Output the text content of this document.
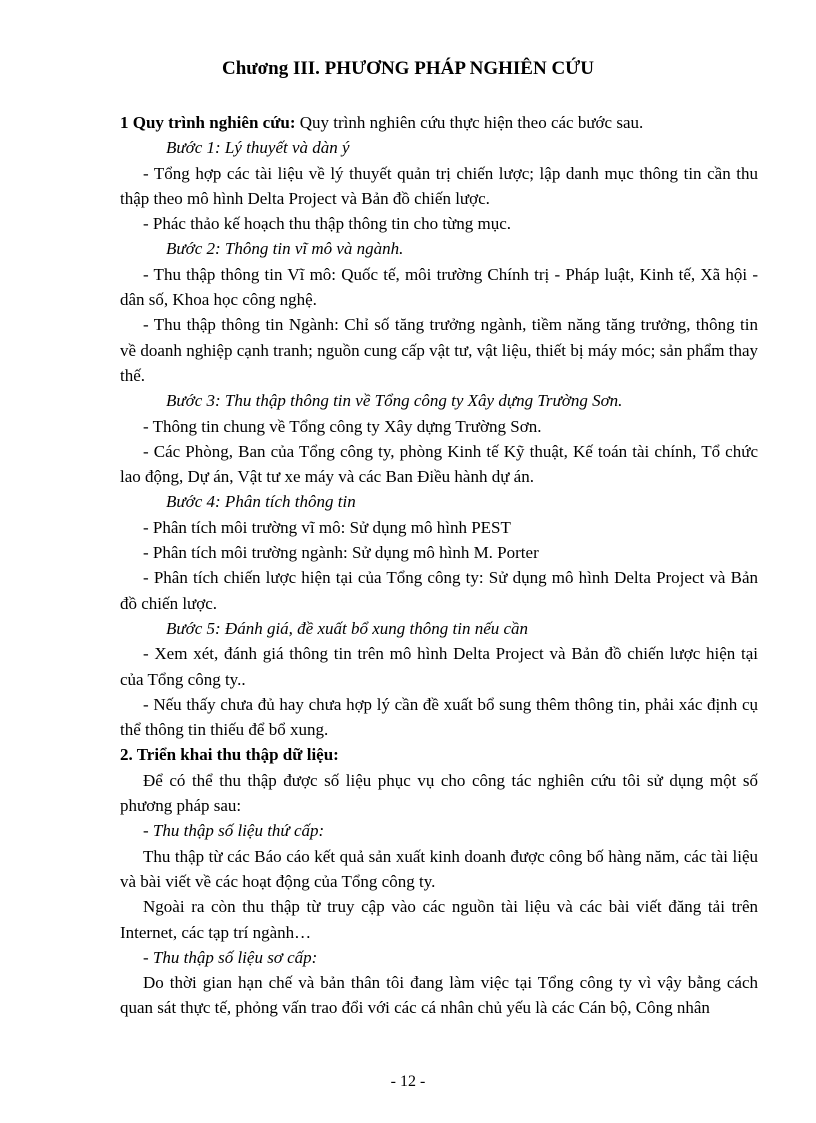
Chương III. PHƯƠNG PHÁP NGHIÊN CỨU

1 Quy trình nghiên cứu: Quy trình nghiên cứu thực hiện theo các bước sau.

Bước 1: Lý thuyết và dàn ý

- Tổng hợp các tài liệu về lý thuyết quản trị chiến lược; lập danh mục thông tin cần thu thập theo mô hình Delta Project và Bản đồ chiến lược.

- Phác thảo kế hoạch thu thập thông tin cho từng mục.

Bước 2: Thông tin vĩ mô và ngành.

- Thu thập thông tin Vĩ mô: Quốc tế, môi trường Chính trị - Pháp luật, Kinh tế, Xã hội - dân số, Khoa học công nghệ.

- Thu thập thông tin Ngành: Chỉ số tăng trưởng ngành, tiềm năng tăng trưởng, thông tin về doanh nghiệp cạnh tranh; nguồn cung cấp vật tư, vật liệu, thiết bị máy móc; sản phẩm thay thế.

Bước 3: Thu thập thông tin về Tổng công ty Xây dựng Trường Sơn.

- Thông tin chung về Tổng công ty Xây dựng Trường Sơn.

- Các Phòng, Ban của Tổng công ty, phòng Kinh tế Kỹ thuật, Kế toán tài chính, Tổ chức lao động, Dự án, Vật tư xe máy và các Ban Điều hành dự án.

Bước 4: Phân tích thông tin

- Phân tích môi trường vĩ mô: Sử dụng mô hình PEST

- Phân tích môi trường ngành: Sử dụng mô hình M. Porter

- Phân tích chiến lược hiện tại của Tổng công ty: Sử dụng mô hình Delta Project và Bản đồ chiến lược.

Bước 5: Đánh giá, đề xuất bổ xung thông tin nếu cần

- Xem xét, đánh giá thông tin trên mô hình Delta Project và Bản đồ chiến lược hiện tại của Tổng công ty..

- Nếu thấy chưa đủ hay chưa hợp lý cần đề xuất bổ sung thêm thông tin, phải xác định cụ thể thông tin thiếu để bổ xung.

2. Triển khai thu thập dữ liệu:

Để có thể thu thập được số liệu phục vụ cho công tác nghiên cứu tôi sử dụng một số phương pháp sau:

- Thu thập số liệu thứ cấp:

Thu thập từ các Báo cáo kết quả sản xuất kinh doanh được công bố hàng năm, các tài liệu và bài viết về các hoạt động của Tổng công ty.

Ngoài ra còn thu thập từ truy cập vào các nguồn tài liệu và các bài viết đăng tải trên Internet, các tạp trí ngành…

- Thu thập số liệu sơ cấp:

Do thời gian hạn chế và bản thân tôi đang làm việc tại Tổng công ty vì vậy bằng cách quan sát thực tế, phỏng vấn trao đổi với các cá nhân chủ yếu là các Cán bộ, Công nhân

- 12 -
